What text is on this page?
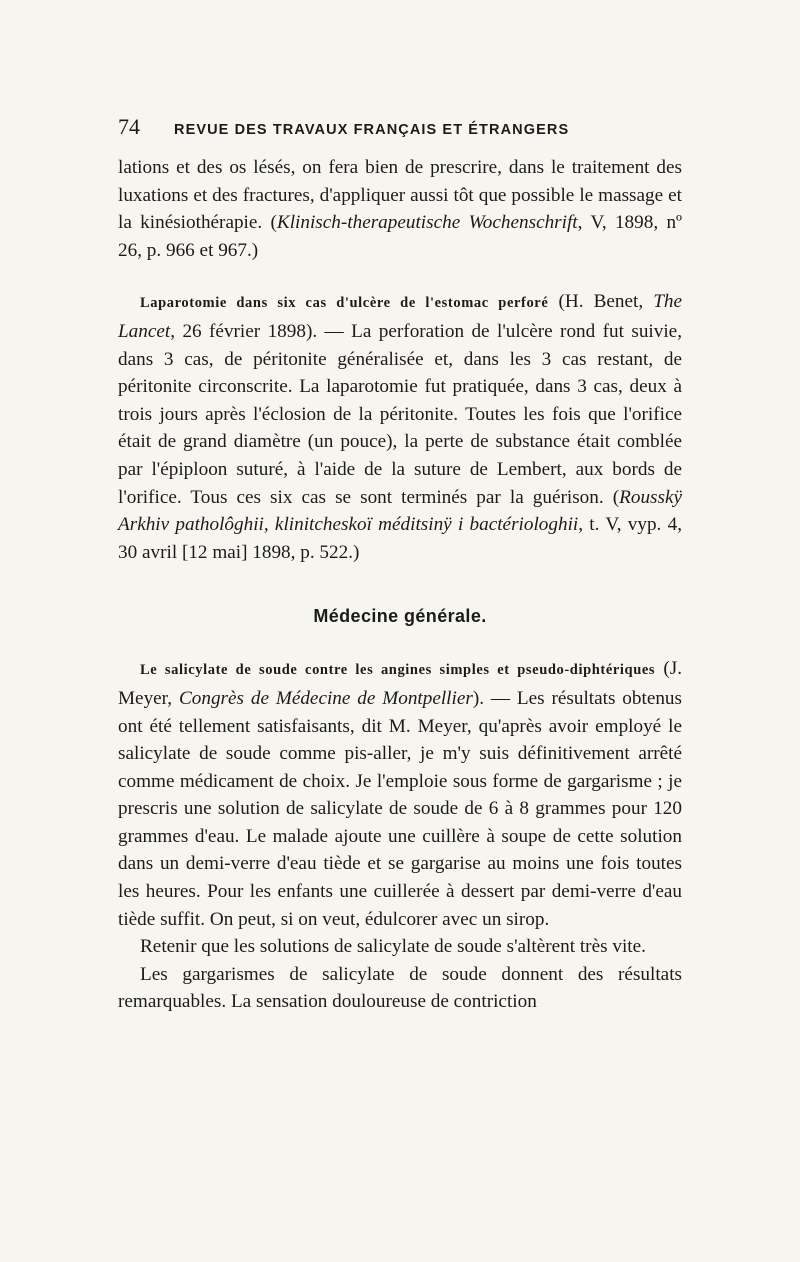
74	REVUE DES TRAVAUX FRANÇAIS ET ÉTRANGERS

lations et des os lésés, on fera bien de prescrire, dans le traitement des luxations et des fractures, d'appliquer aussi tôt que possible le massage et la kinésiothérapie. (Klinisch-therapeutische Wochenschrift, V, 1898, nº 26, p. 966 et 967.)

Laparotomie dans six cas d'ulcère de l'estomac perforé (H. Benet, The Lancet, 26 février 1898). — La perforation de l'ulcère rond fut suivie, dans 3 cas, de péritonite généralisée et, dans les 3 cas restant, de péritonite circonscrite. La laparotomie fut pratiquée, dans 3 cas, deux à trois jours après l'éclosion de la péritonite. Toutes les fois que l'orifice était de grand diamètre (un pouce), la perte de substance était comblée par l'épiploon suturé, à l'aide de la suture de Lembert, aux bords de l'orifice. Tous ces six cas se sont terminés par la guérison. (Rousskÿ Arkhiv patholôghii, klinitcheskoï méditsinÿ i bactériologhii, t. V, vyp. 4, 30 avril [12 mai] 1898, p. 522.)

Médecine générale.

Le salicylate de soude contre les angines simples et pseudo-diphtériques (J. Meyer, Congrès de Médecine de Montpellier). — Les résultats obtenus ont été tellement satisfaisants, dit M. Meyer, qu'après avoir employé le salicylate de soude comme pis-aller, je m'y suis définitivement arrêté comme médicament de choix. Je l'emploie sous forme de gargarisme ; je prescris une solution de salicylate de soude de 6 à 8 grammes pour 120 grammes d'eau. Le malade ajoute une cuillère à soupe de cette solution dans un demi-verre d'eau tiède et se gargarise au moins une fois toutes les heures. Pour les enfants une cuillerée à dessert par demi-verre d'eau tiède suffit. On peut, si on veut, édulcorer avec un sirop.

Retenir que les solutions de salicylate de soude s'altèrent très vite.

Les gargarismes de salicylate de soude donnent des résultats remarquables. La sensation douloureuse de contriction
